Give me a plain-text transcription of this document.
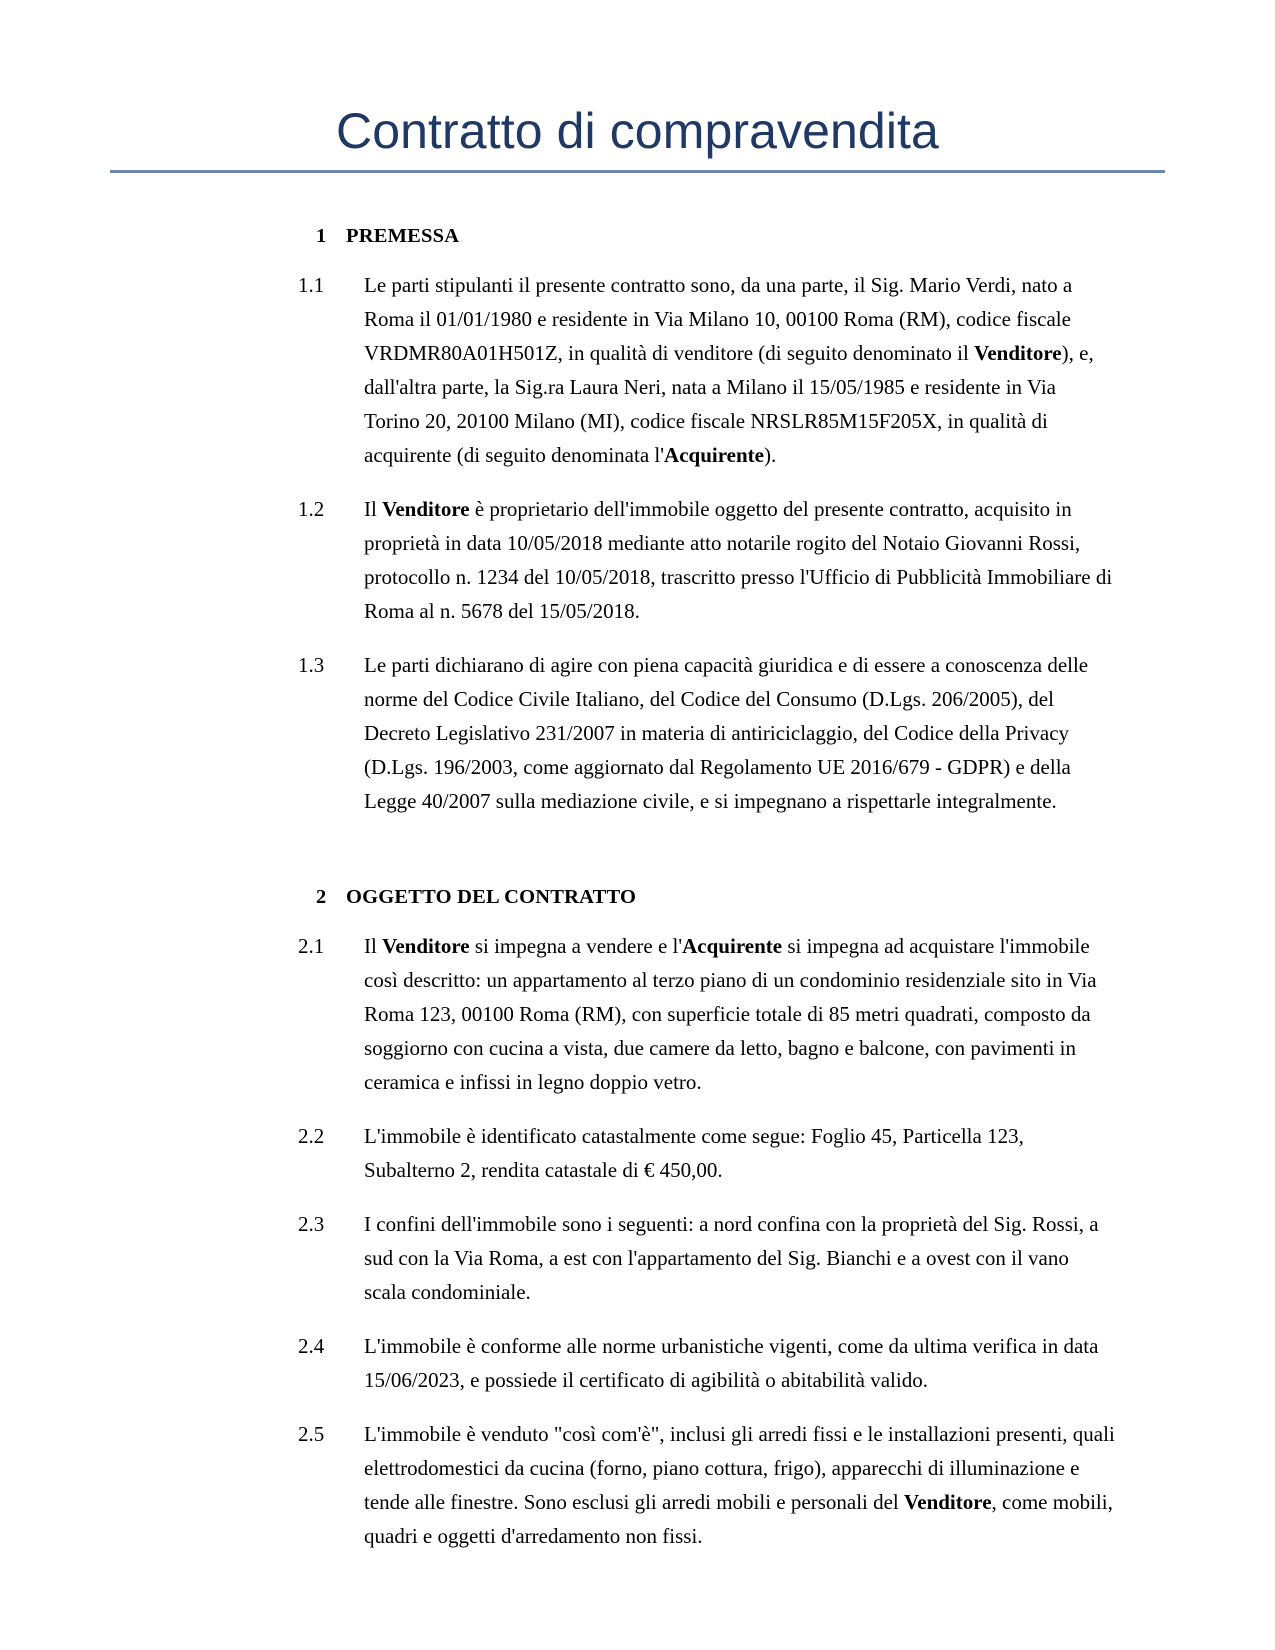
Contratto di compravendita
1 PREMESSA
1.1	Le parti stipulanti il presente contratto sono, da una parte, il Sig. Mario Verdi, nato a Roma il 01/01/1980 e residente in Via Milano 10, 00100 Roma (RM), codice fiscale VRDMR80A01H501Z, in qualità di venditore (di seguito denominato il Venditore), e, dall'altra parte, la Sig.ra Laura Neri, nata a Milano il 15/05/1985 e residente in Via Torino 20, 20100 Milano (MI), codice fiscale NRSLR85M15F205X, in qualità di acquirente (di seguito denominata l'Acquirente).
1.2	Il Venditore è proprietario dell'immobile oggetto del presente contratto, acquisito in proprietà in data 10/05/2018 mediante atto notarile rogito del Notaio Giovanni Rossi, protocollo n. 1234 del 10/05/2018, trascritto presso l'Ufficio di Pubblicità Immobiliare di Roma al n. 5678 del 15/05/2018.
1.3	Le parti dichiarano di agire con piena capacità giuridica e di essere a conoscenza delle norme del Codice Civile Italiano, del Codice del Consumo (D.Lgs. 206/2005), del Decreto Legislativo 231/2007 in materia di antiriciclaggio, del Codice della Privacy (D.Lgs. 196/2003, come aggiornato dal Regolamento UE 2016/679 - GDPR) e della Legge 40/2007 sulla mediazione civile, e si impegnano a rispettarle integralmente.
2 OGGETTO DEL CONTRATTO
2.1	Il Venditore si impegna a vendere e l'Acquirente si impegna ad acquistare l'immobile così descritto: un appartamento al terzo piano di un condominio residenziale sito in Via Roma 123, 00100 Roma (RM), con superficie totale di 85 metri quadrati, composto da soggiorno con cucina a vista, due camere da letto, bagno e balcone, con pavimenti in ceramica e infissi in legno doppio vetro.
2.2	L'immobile è identificato catastalmente come segue: Foglio 45, Particella 123, Subalterno 2, rendita catastale di € 450,00.
2.3	I confini dell'immobile sono i seguenti: a nord confina con la proprietà del Sig. Rossi, a sud con la Via Roma, a est con l'appartamento del Sig. Bianchi e a ovest con il vano scala condominiale.
2.4	L'immobile è conforme alle norme urbanistiche vigenti, come da ultima verifica in data 15/06/2023, e possiede il certificato di agibilità o abitabilità valido.
2.5	L'immobile è venduto "così com'è", inclusi gli arredi fissi e le installazioni presenti, quali elettrodomestici da cucina (forno, piano cottura, frigo), apparecchi di illuminazione e tende alle finestre. Sono esclusi gli arredi mobili e personali del Venditore, come mobili, quadri e oggetti d'arredamento non fissi.
